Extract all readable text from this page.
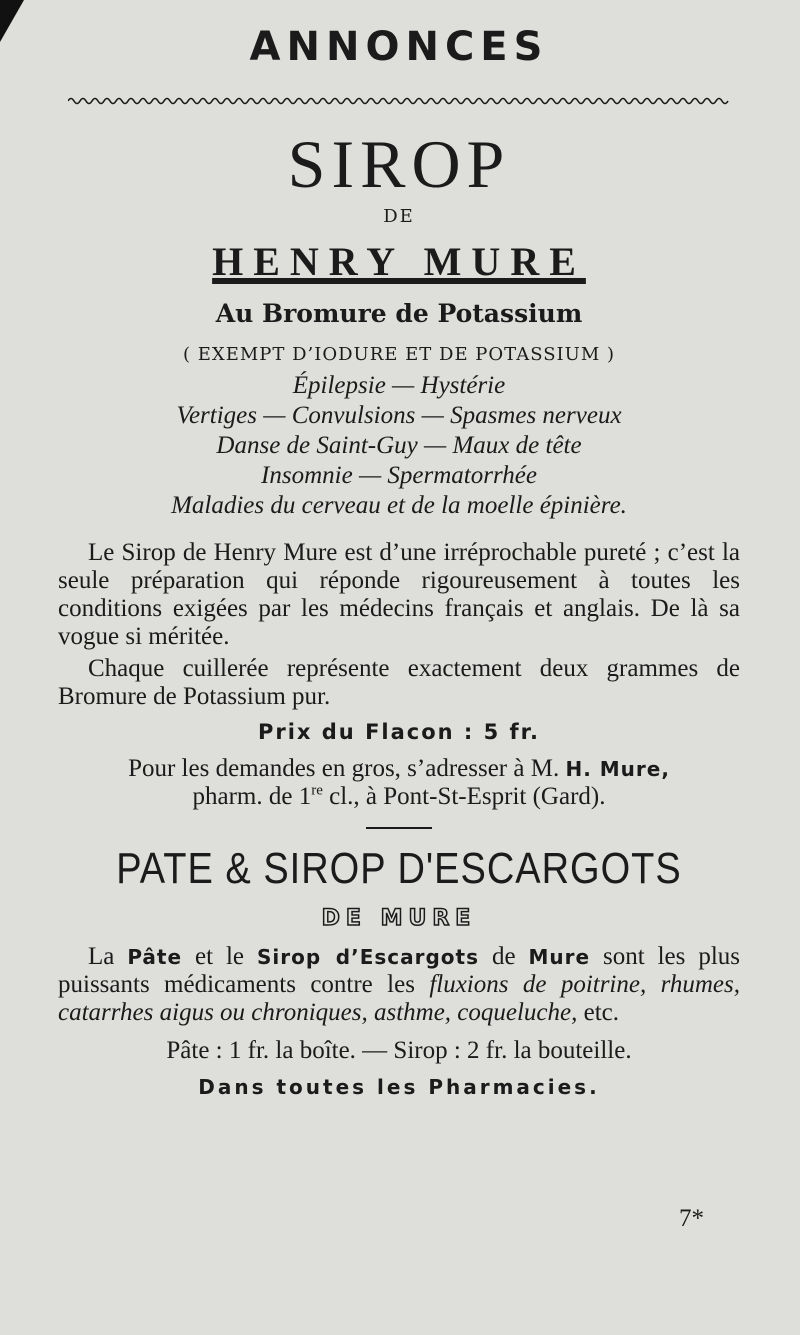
ANNONCES
SIROP
DE
HENRY MURE
Au Bromure de Potassium
( EXEMPT D’IODURE ET DE POTASSIUM )
Épilepsie — Hystérie
Vertiges — Convulsions — Spasmes nerveux
Danse de Saint-Guy — Maux de tête
Insomnie — Spermatorrhée
Maladies du cerveau et de la moelle épinière.

Le Sirop de Henry Mure est d’une irréprochable pureté ; c’est la seule préparation qui réponde rigoureusement à toutes les conditions exigées par les médecins français et anglais. De là sa vogue si méritée.

Chaque cuillerée représente exactement deux grammes de Bromure de Potassium pur.

Prix du Flacon : 5 fr.
Pour les demandes en gros, s’adresser à M. H. Mure,
pharm. de 1re cl., à Pont-St-Esprit (Gard).
PATE & SIROP D'ESCARGOTS
DE MURE

La Pâte et le Sirop d’Escargots de Mure sont les plus puissants médicaments contre les fluxions de poitrine, rhumes, catarrhes aigus ou chroniques, asthme, coqueluche, etc.

Pâte : 1 fr. la boîte. — Sirop : 2 fr. la bouteille.
Dans toutes les Pharmacies.
7*
